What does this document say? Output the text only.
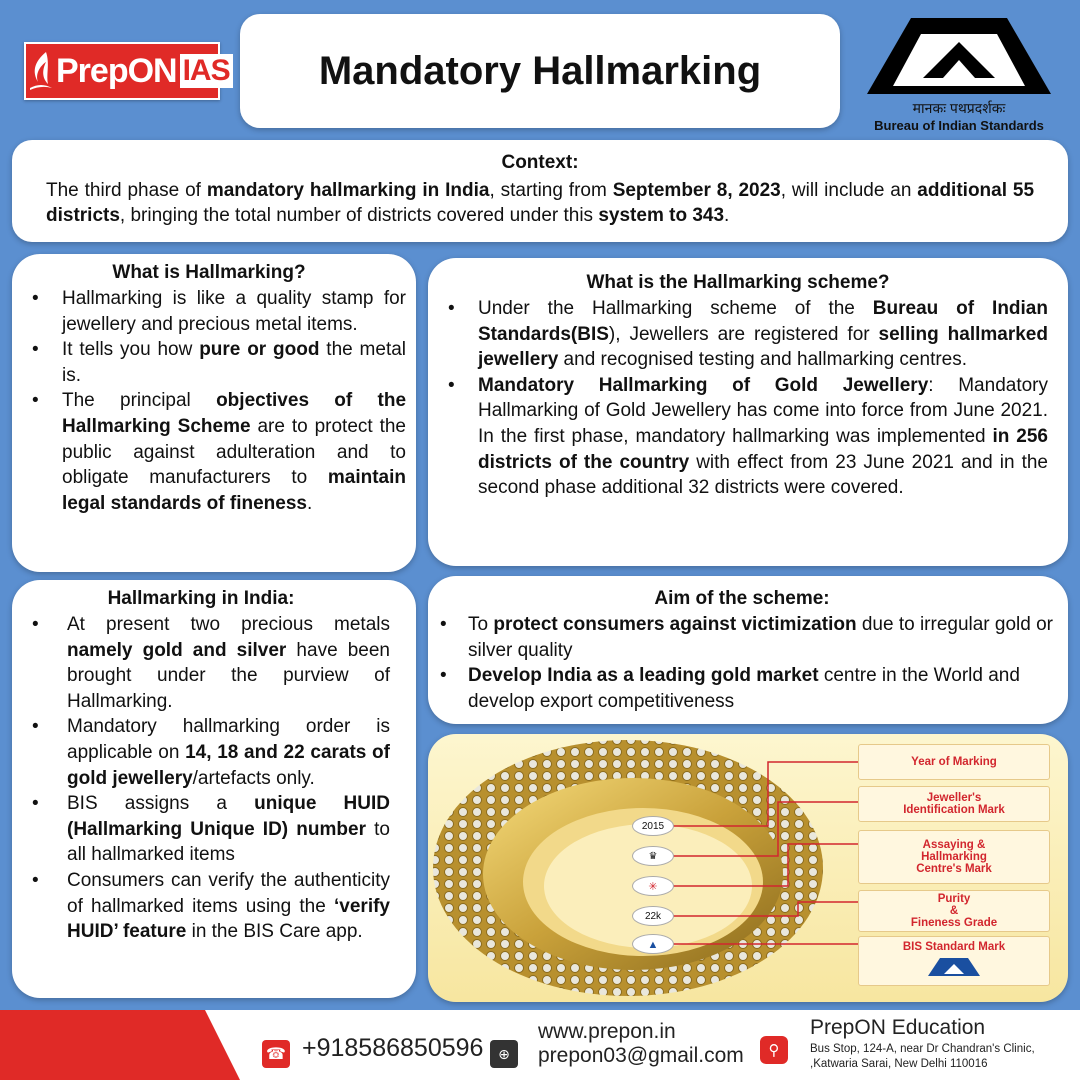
PrepON IAS Mandatory Hallmarking
मानकः पथप्रदर्शकः
Bureau of Indian Standards
Context:

The third phase of mandatory hallmarking in India, starting from September 8, 2023, will include an additional 55 districts, bringing the total number of districts covered under this system to 343.

What is Hallmarking?
• Hallmarking is like a quality stamp for jewellery and precious metal items.
• It tells you how pure or good the metal is.
• The principal objectives of the Hallmarking Scheme are to protect the public against adulteration and to obligate manufacturers to maintain legal standards of fineness.
What is the Hallmarking scheme?
• Under the Hallmarking scheme of the Bureau of Indian Standards(BIS), Jewellers are registered for selling hallmarked jewellery and recognised testing and hallmarking centres.
• Mandatory Hallmarking of Gold Jewellery: Mandatory Hallmarking of Gold Jewellery has come into force from June 2021. In the first phase, mandatory hallmarking was implemented in 256 districts of the country with effect from 23 June 2021 and in the second phase additional 32 districts were covered.
Hallmarking in India:
• At present two precious metals namely gold and silver have been brought under the purview of Hallmarking.
• Mandatory hallmarking order is applicable on 14, 18 and 22 carats of gold jewellery/artefacts only.
• BIS assigns a unique HUID (Hallmarking Unique ID) number to all hallmarked items
• Consumers can verify the authenticity of hallmarked items using the ‘verify HUID’ feature in the BIS Care app.
Aim of the scheme:
• To protect consumers against victimization due to irregular gold or silver quality
• Develop India as a leading gold market centre in the World and develop export competitiveness
2015
♛
✳
22k
▲
Year of Marking
Jeweller's
Identification Mark
Assaying &
Hallmarking
Centre's Mark
Purity
&
Fineness Grade
BIS Standard Mark
☎ +918586850596	⊕
www.prepon.in
prepon03@gmail.com	⚲
PrepON Education
Bus Stop, 124-A, near Dr Chandran's Clinic,
,Katwaria Sarai, New Delhi 110016
